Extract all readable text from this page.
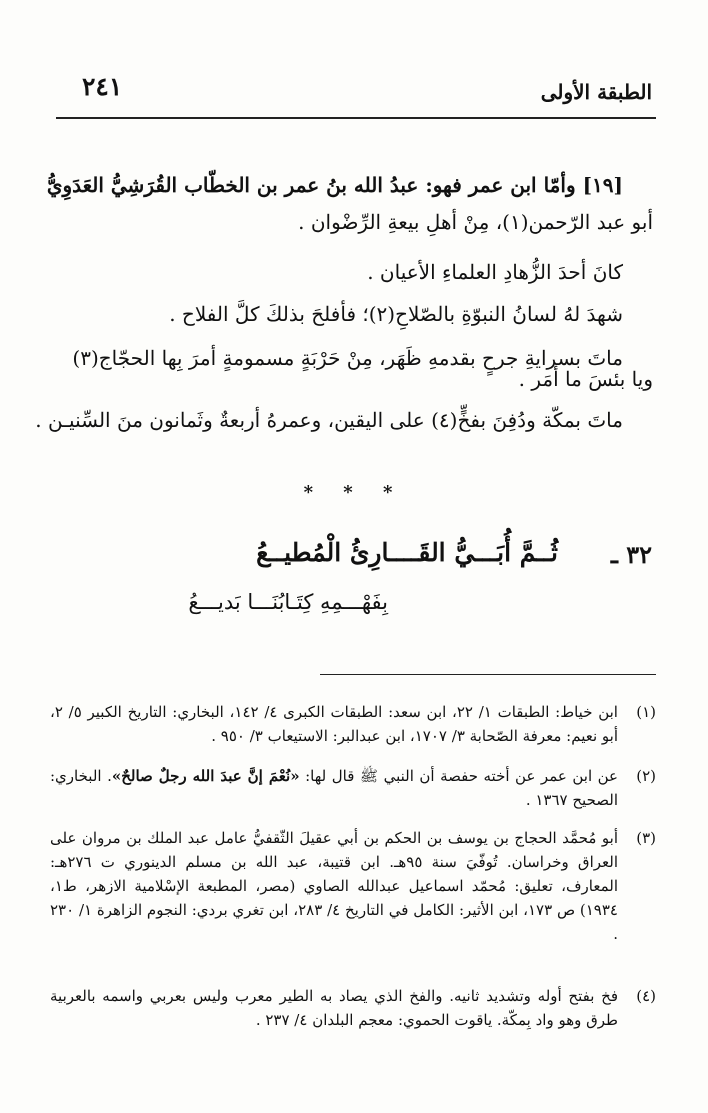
الطبقة الأولى
٢٤١
[١٩] وأمّا ابن عمر فهو: عبدُ الله بنُ عمر بن الخطّاب القُرَشِيُّ العَدَوِيُّ
أبو عبد الرّحمن(١)، مِنْ أهلِ بيعةِ الرِّضْوان .
كانَ أحدَ الزُّهادِ العلماءِ الأعيان .
شهدَ لهُ لسانُ النبوّةِ بالصّلاحِ(٢)؛ فأفلحَ بذلكَ كلَّ الفلاح .
ماتَ بسرايةِ جرحٍ بقدمهِ ظَهَر، مِنْ حَرْبَةٍ مسمومةٍ أمرَ بِها الحجّاج(٣)
ويا بئسَ ما أمَر .
ماتَ بمكّة ودُفِنَ بفخٍّ(٤) على اليقين، وعمرهُ أربعةٌ وثَمانون منَ السِّنيـن .
* * *
٣٢ ـ
ثُــمَّ أُبَـــيُّ القَــــارِئُ الْمُطيــعُ
بِفَهْـــمِهِ كِتَـابُنَـــا بَديـــعُ
(١)
ابن خياط: الطبقات ١/ ٢٢، ابن سعد: الطبقات الكبرى ٤/ ١٤٢، البخاري: التاريخ الكبير ٥/ ٢، أبو نعيم: معرفة الصّحابة ٣/ ١٧٠٧، ابن عبدالبر: الاستيعاب ٣/ ٩٥٠ .
(٢)
عن ابن عمر عن أخته حفصة أن النبي ﷺ قال لها: «نُعْمَ إنَّ عبدَ الله رجلٌ صالحٌ». البخاري: الصحيح ١٣٦٧ .
(٣)
أبو مُحمَّد الحجاج بن يوسف بن الحكم بن أبي عقيلَ الثّقفيُّ عامل عبد الملك بن مروان على العراق وخراسان. تُوفّيَ سنة ٩٥هـ. ابن قتيبة، عبد الله بن مسلم الدينوري ت ٢٧٦هـ: المعارف، تعليق: مُحمّد اسماعيل عبدالله الصاوي (مصر، المطبعة الإسْلامية الازهر، ط١، ١٩٣٤) ص ١٧٣، ابن الأثير: الكامل في التاريخ ٤/ ٢٨٣، ابن تغري بردي: النجوم الزاهرة ١/ ٢٣٠ .
(٤)
فخ بفتح أوله وتشديد ثانيه. والفخ الذي يصاد به الطير معرب وليس بعربي واسمه بالعربية طرق وهو واد بِمكّة. ياقوت الحموي: معجم البلدان ٤/ ٢٣٧ .
